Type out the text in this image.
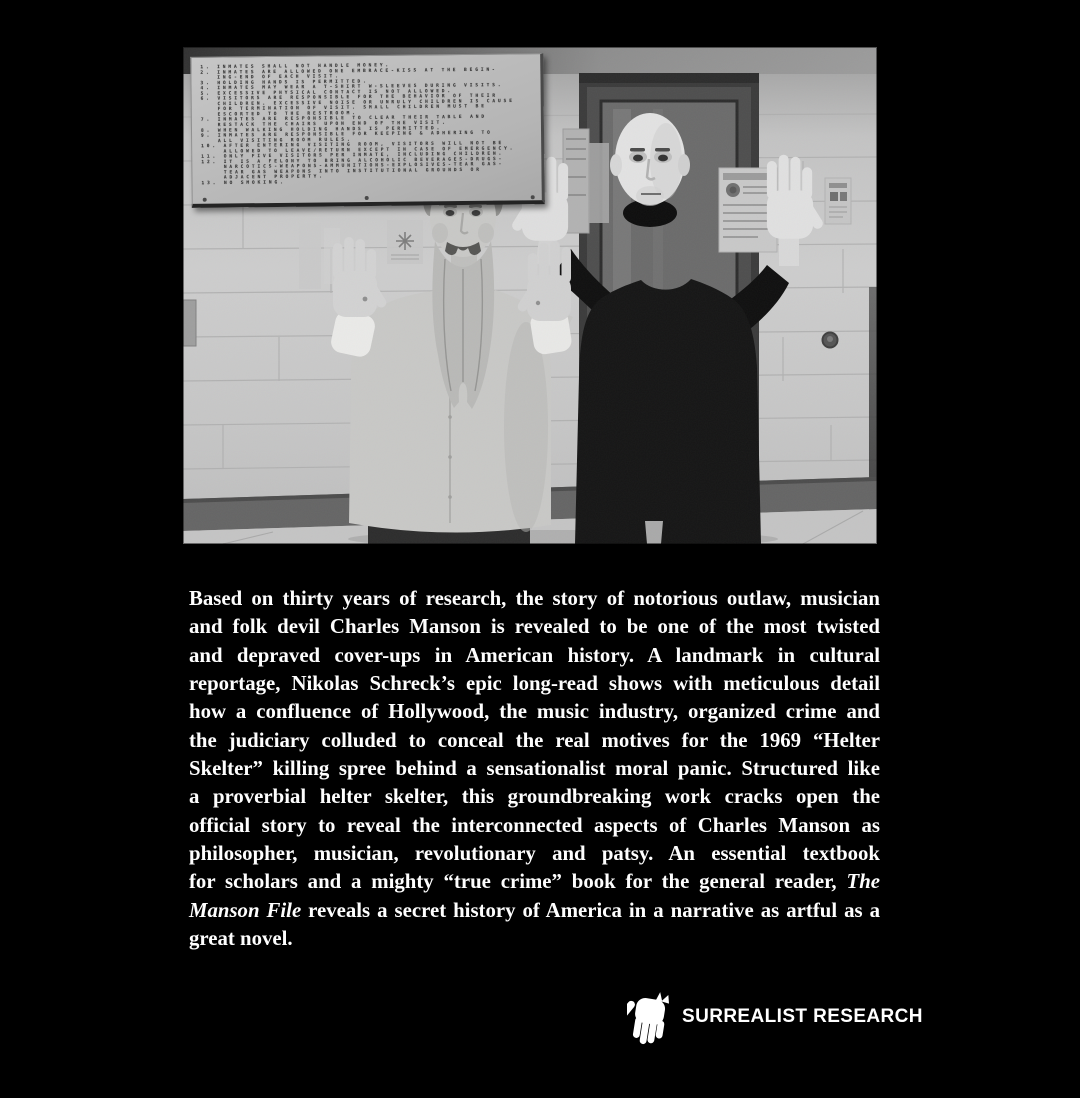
1. INMATES SHALL NOT HANDLE MONEY.
2. INMATES ARE ALLOWED ONE EMBRACE-KISS AT THE BEGIN-
ING-END OF EACH VISIT.
3. HOLDING HANDS IS PERMITTED.
4. INMATES MAY WEAR A T-SHIRT W-SLEEVES DURING VISITS.
5. EXCESSIVE PHYSICAL CONTACT IS NOT ALLOWED.
6. VISITORS ARE RESPONSIBLE FOR THE BEHAVIOR OF THEIR
CHILDREN. EXCESSIVE NOISE OR UNRULY CHILDREN IS CAUSE
FOR TERMINATION OF VISIT. SMALL CHILDREN MUST BE
ESCORTED TO THE RESTROOM.
7. INMATES ARE RESPONSIBLE TO CLEAR THEIR TABLE AND
RESTACK THE CHAIRS UPON END OF THE VISIT.
8. WHEN WALKING HOLDING HANDS IS PERMITTED.
9. INMATES ARE RESPONSIBLE FOR KEEPING & ADHERING TO
ALL VISITING ROOM RULES.
10. AFTER ENTERING VISITING ROOM, VISITORS WILL NOT BE
ALLOWED TO LEAVE/RETURN EXCEPT IN CASE OF EMERGENCY.
11. ONLY FIVE VISITORS PER INMATE, INCLUDING CHILDREN.
12. IT IS A FELONY TO BRING ALCOHOLIC BEVERAGES-DRUGS-
NARCOTICS-WEAPONS-AMMUNITIONS-EXPLOSIVES-TEAR GAS-
TEAR GAS WEAPONS INTO INSTITUTIONAL GROUNDS OR
ADJACENT PROPERTY.
13. NO SMOKING.
Based on thirty years of research, the story of notorious outlaw, musician
and folk devil Charles Manson is revealed to be one of the most twisted
and depraved cover-ups in American history. A landmark in cultural
reportage, Nikolas Schreck’s epic long-read shows with meticulous detail
how a confluence of Hollywood, the music industry, organized crime and
the judiciary colluded to conceal the real motives for the 1969 “Helter
Skelter” killing spree behind a sensationalist moral panic. Structured like
a proverbial helter skelter, this groundbreaking work cracks open the
official story to reveal the interconnected aspects of Charles Manson as
philosopher, musician, revolutionary and patsy. An essential textbook
for scholars and a mighty “true crime” book for the general reader, The
Manson File reveals a secret history of America in a narrative as artful as a
great novel.
SURREALIST RESEARCH
